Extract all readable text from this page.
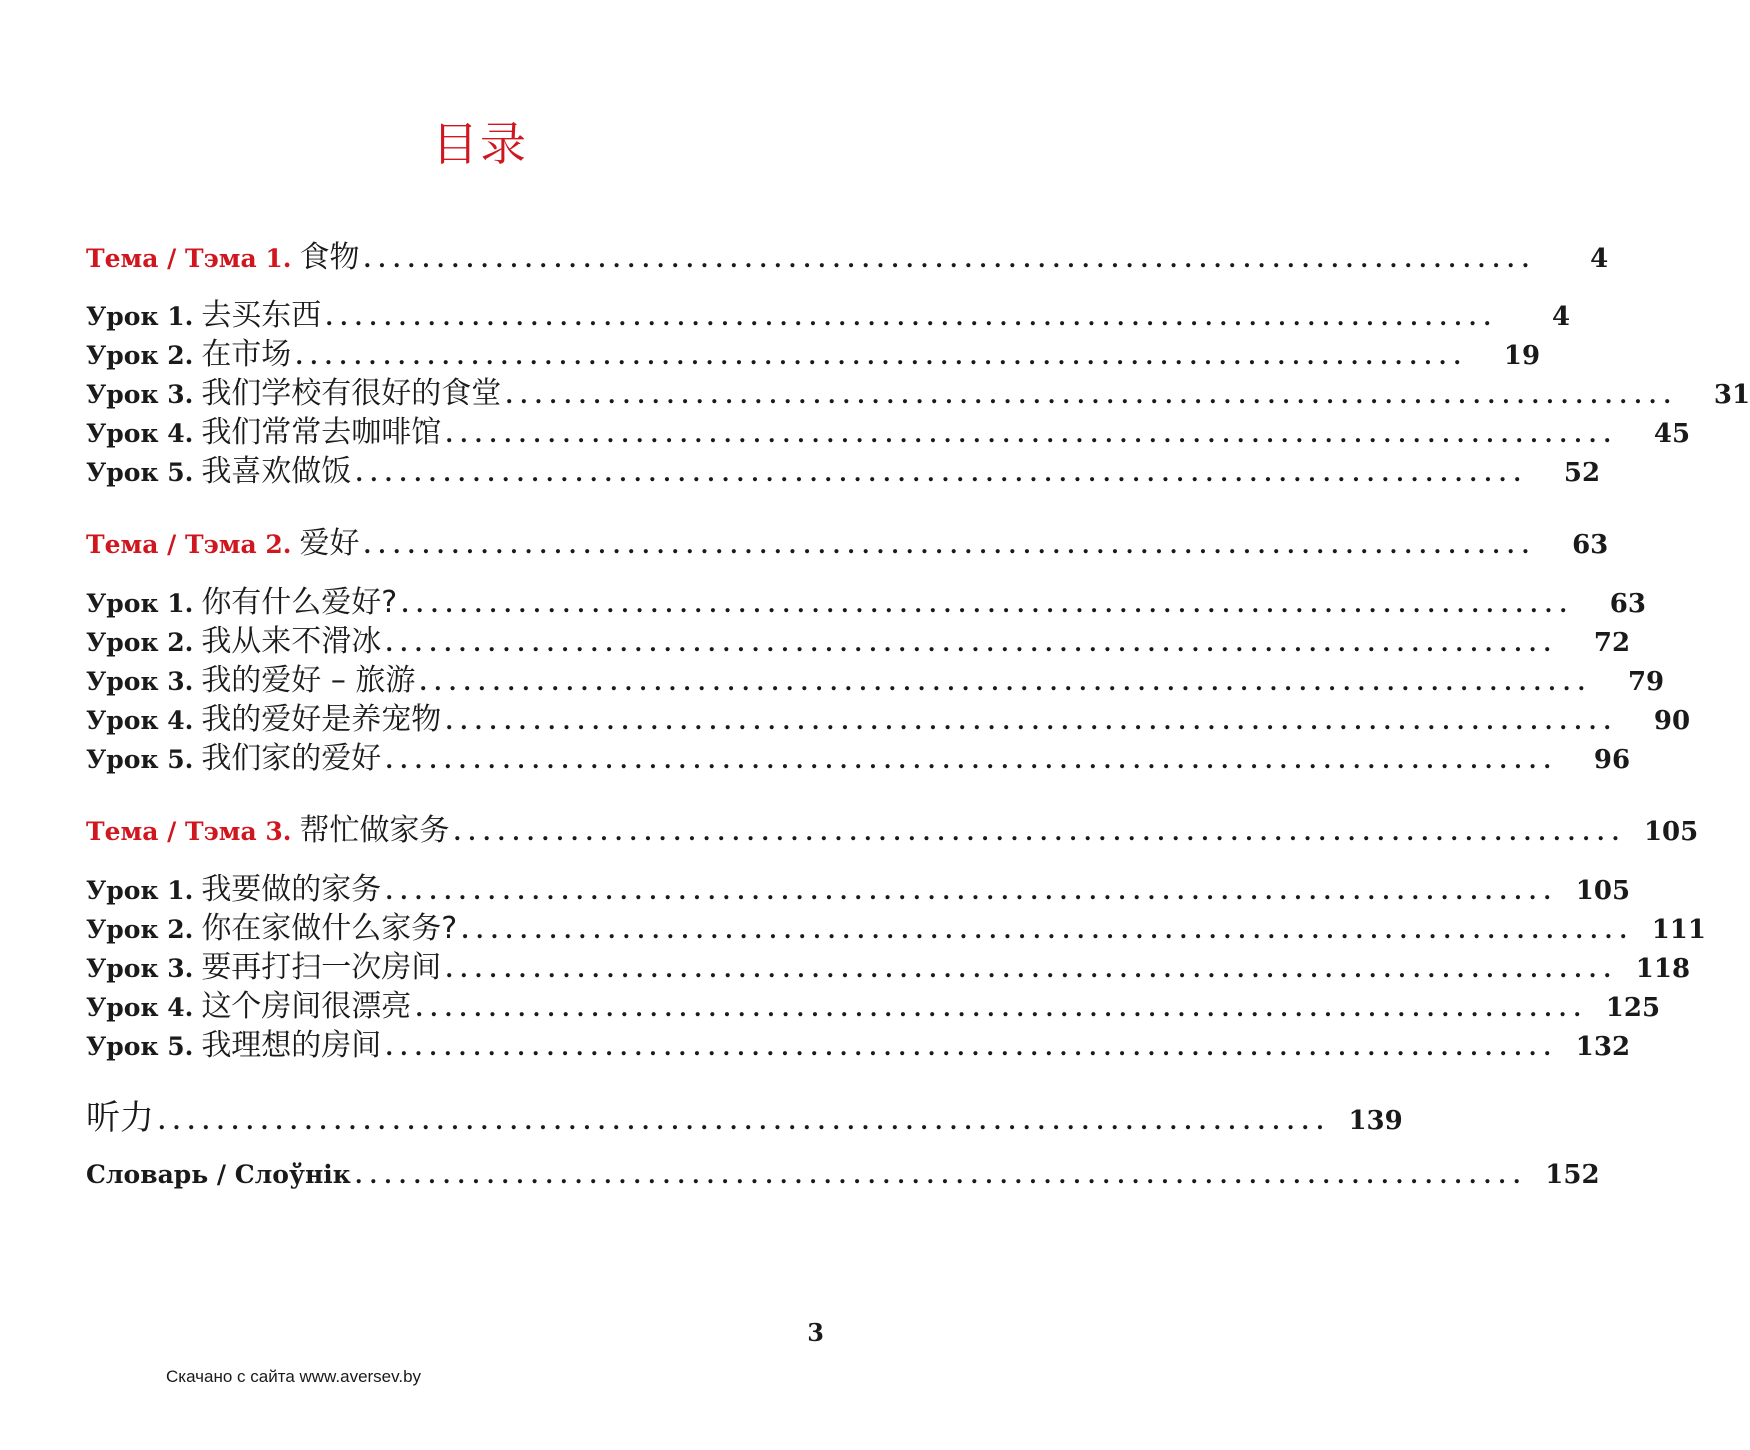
目录
Тема / Тэма 1. 食物 ................................................................................	4
Урок 1. 去买东西 ................................................................................	4
Урок 2. 在市场 ................................................................................	19
Урок 3. 我们学校有很好的食堂 ................................................................................	31
Урок 4. 我们常常去咖啡馆 ................................................................................	45
Урок 5. 我喜欢做饭 ................................................................................	52
Тема / Тэма 2. 爱好 ................................................................................	63
Урок 1. 你有什么爱好? ................................................................................	63
Урок 2. 我从来不滑冰 ................................................................................	72
Урок 3. 我的爱好 – 旅游 ................................................................................	79
Урок 4. 我的爱好是养宠物 ................................................................................	90
Урок 5. 我们家的爱好 ................................................................................	96
Тема / Тэма 3. 帮忙做家务 ................................................................................ 105
Урок 1. 我要做的家务 ................................................................................ 105
Урок 2. 你在家做什么家务? ................................................................................ 111
Урок 3. 要再打扫一次房间 ................................................................................ 118
Урок 4. 这个房间很漂亮 ................................................................................ 125
Урок 5. 我理想的房间 ................................................................................ 132
听力 ................................................................................ 139
Словарь / Слоўнік ................................................................................ 152
3
Скачано с сайта www.aversev.by
